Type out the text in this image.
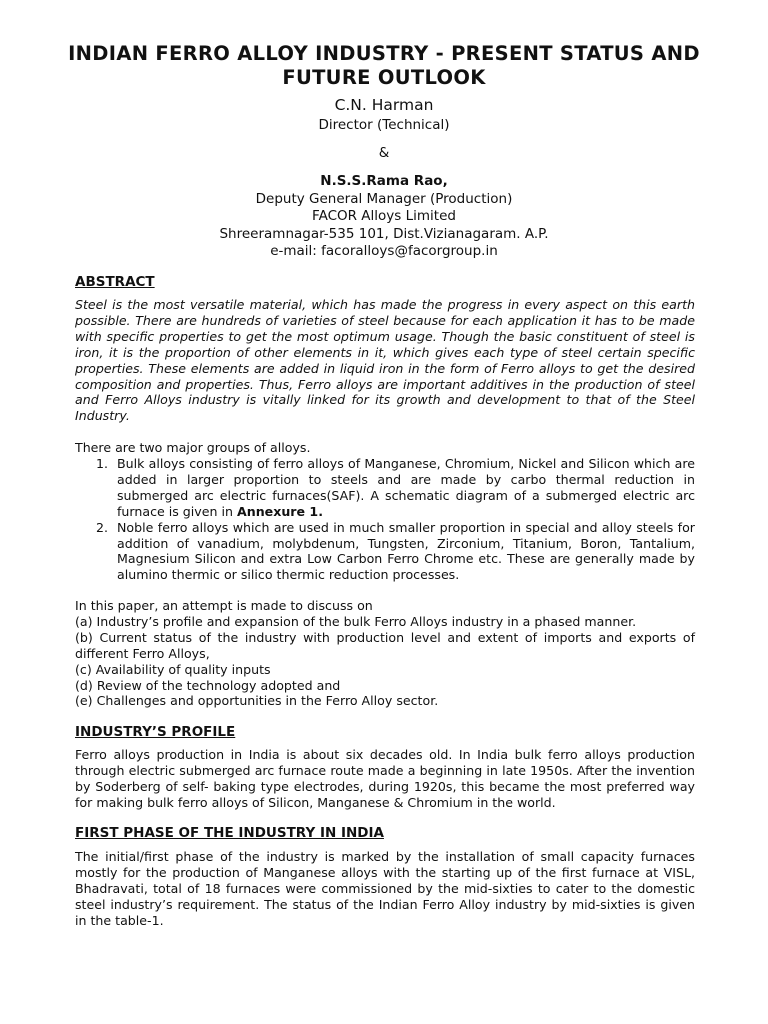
INDIAN FERRO ALLOY INDUSTRY - PRESENT STATUS AND FUTURE OUTLOOK
C.N. Harman
Director (Technical)
&
N.S.S.Rama Rao,
Deputy General Manager (Production)
FACOR Alloys Limited
Shreeramnagar-535 101, Dist.Vizianagaram. A.P.
e-mail: facoralloys@facorgroup.in
ABSTRACT

Steel is the most versatile material, which has made the progress in every aspect on this earth possible. There are hundreds of varieties of steel because for each application it has to be made with specific properties to get the most optimum usage. Though the basic constituent of steel is iron, it is the proportion of other elements in it, which gives each type of steel certain specific properties. These elements are added in liquid iron in the form of Ferro alloys to get the desired composition and properties. Thus, Ferro alloys are important additives in the production of steel and Ferro Alloys industry is vitally linked for its growth and development to that of the Steel Industry.

There are two major groups of alloys.

1. Bulk alloys consisting of ferro alloys of Manganese, Chromium, Nickel and Silicon which are added in larger proportion to steels and are made by carbo thermal reduction in submerged arc electric furnaces(SAF). A schematic diagram of a submerged electric arc furnace is given in Annexure 1.
2. Noble ferro alloys which are used in much smaller proportion in special and alloy steels for addition of vanadium, molybdenum, Tungsten, Zirconium, Titanium, Boron, Tantalium, Magnesium Silicon and extra Low Carbon Ferro Chrome etc. These are generally made by alumino thermic or silico thermic reduction processes.
In this paper, an attempt is made to discuss on
(a) Industry’s profile and expansion of the bulk Ferro Alloys industry in a phased manner.
(b) Current status of the industry with production level and extent of imports and exports of different Ferro Alloys,
(c) Availability of quality inputs
(d) Review of the technology adopted and
(e) Challenges and opportunities in the Ferro Alloy sector.
INDUSTRY’S PROFILE

Ferro alloys production in India is about six decades old. In India bulk ferro alloys production through electric submerged arc furnace route made a beginning in late 1950s. After the invention by Soderberg of self- baking type electrodes, during 1920s, this became the most preferred way for making bulk ferro alloys of Silicon, Manganese & Chromium in the world.

FIRST PHASE OF THE INDUSTRY IN INDIA

The initial/first phase of the industry is marked by the installation of small capacity furnaces mostly for the production of Manganese alloys with the starting up of the first furnace at VISL, Bhadravati, total of 18 furnaces were commissioned by the mid-sixties to cater to the domestic steel industry’s requirement. The status of the Indian Ferro Alloy industry by mid-sixties is given in the table-1.
